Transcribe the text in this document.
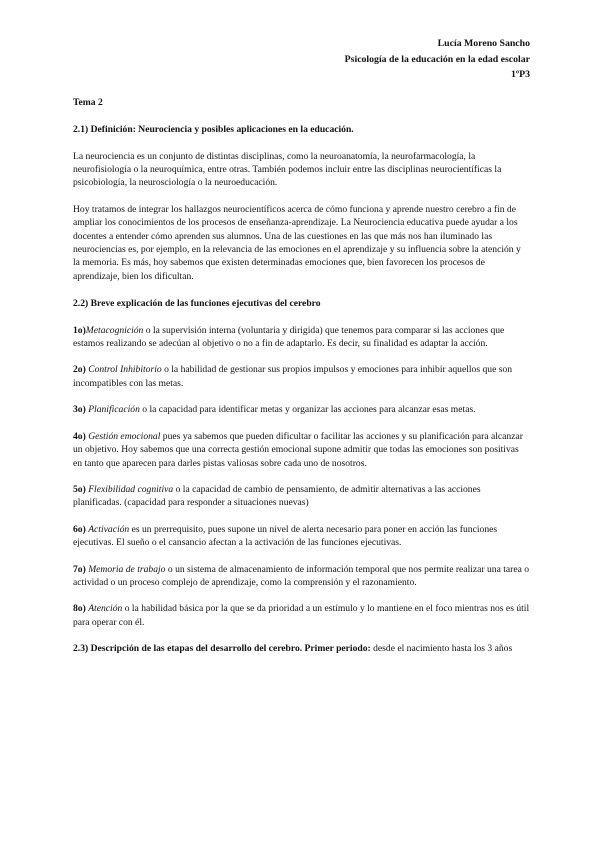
Lucía Moreno Sancho
Psicología de la educación en la edad escolar
1ºP3
Tema 2
2.1) Definición: Neurociencia y posibles aplicaciones en la educación.

La neurociencia es un conjunto de distintas disciplinas, como la neuroanatomía, la neurofarmacología, la neurofisiología o la neuroquímica, entre otras. También podemos incluir entre las disciplinas neurocientíficas la psicobiología, la neurosciología o la neuroeducación.

Hoy tratamos de integrar los hallazgos neurocientíficos acerca de cómo funciona y aprende nuestro cerebro a fin de ampliar los conocimientos de los procesos de enseñanza-aprendizaje. La Neurociencia educativa puede ayudar a los docentes a entender cómo aprenden sus alumnos. Una de las cuestiones en las que más nos han iluminado las neurociencias es, por ejemplo, en la relevancia de las emociones en el aprendizaje y su influencia sobre la atención y la memoria. Es más, hoy sabemos que existen determinadas emociones que, bien favorecen los procesos de aprendizaje, bien los dificultan.

2.2) Breve explicación de las funciones ejecutivas del cerebro

1o)Metacognición o la supervisión interna (voluntaria y dirigida) que tenemos para comparar si las acciones que estamos realizando se adecúan al objetivo o no a fin de adaptarlo. Es decir, su finalidad es adaptar la acción.

2o) Control Inhibitorio o la habilidad de gestionar sus propios impulsos y emociones para inhibir aquellos que son incompatibles con las metas.

3o) Planificación o la capacidad para identificar metas y organizar las acciones para alcanzar esas metas.

4o) Gestión emocional pues ya sabemos que pueden dificultar o facilitar las acciones y su planificación para alcanzar un objetivo. Hoy sabemos que una correcta gestión emocional supone admitir que todas las emociones son positivas en tanto que aparecen para darles pistas valiosas sobre cada uno de nosotros.

5o) Flexibilidad cognitiva o la capacidad de cambio de pensamiento, de admitir alternativas a las acciones planificadas. (capacidad para responder a situaciones nuevas)

6o) Activación es un prerrequisito, pues supone un nivel de alerta necesario para poner en acción las funciones ejecutivas. El sueño o el cansancio afectan a la activación de las funciones ejecutivas.

7o) Memoria de trabajo o un sistema de almacenamiento de información temporal que nos permite realizar una tarea o actividad o un proceso complejo de aprendizaje, como la comprensión y el razonamiento.

8o) Atención o la habilidad básica por la que se da prioridad a un estímulo y lo mantiene en el foco mientras nos es útil para operar con él.

2.3) Descripción de las etapas del desarrollo del cerebro. Primer periodo: desde el nacimiento hasta los 3 años
